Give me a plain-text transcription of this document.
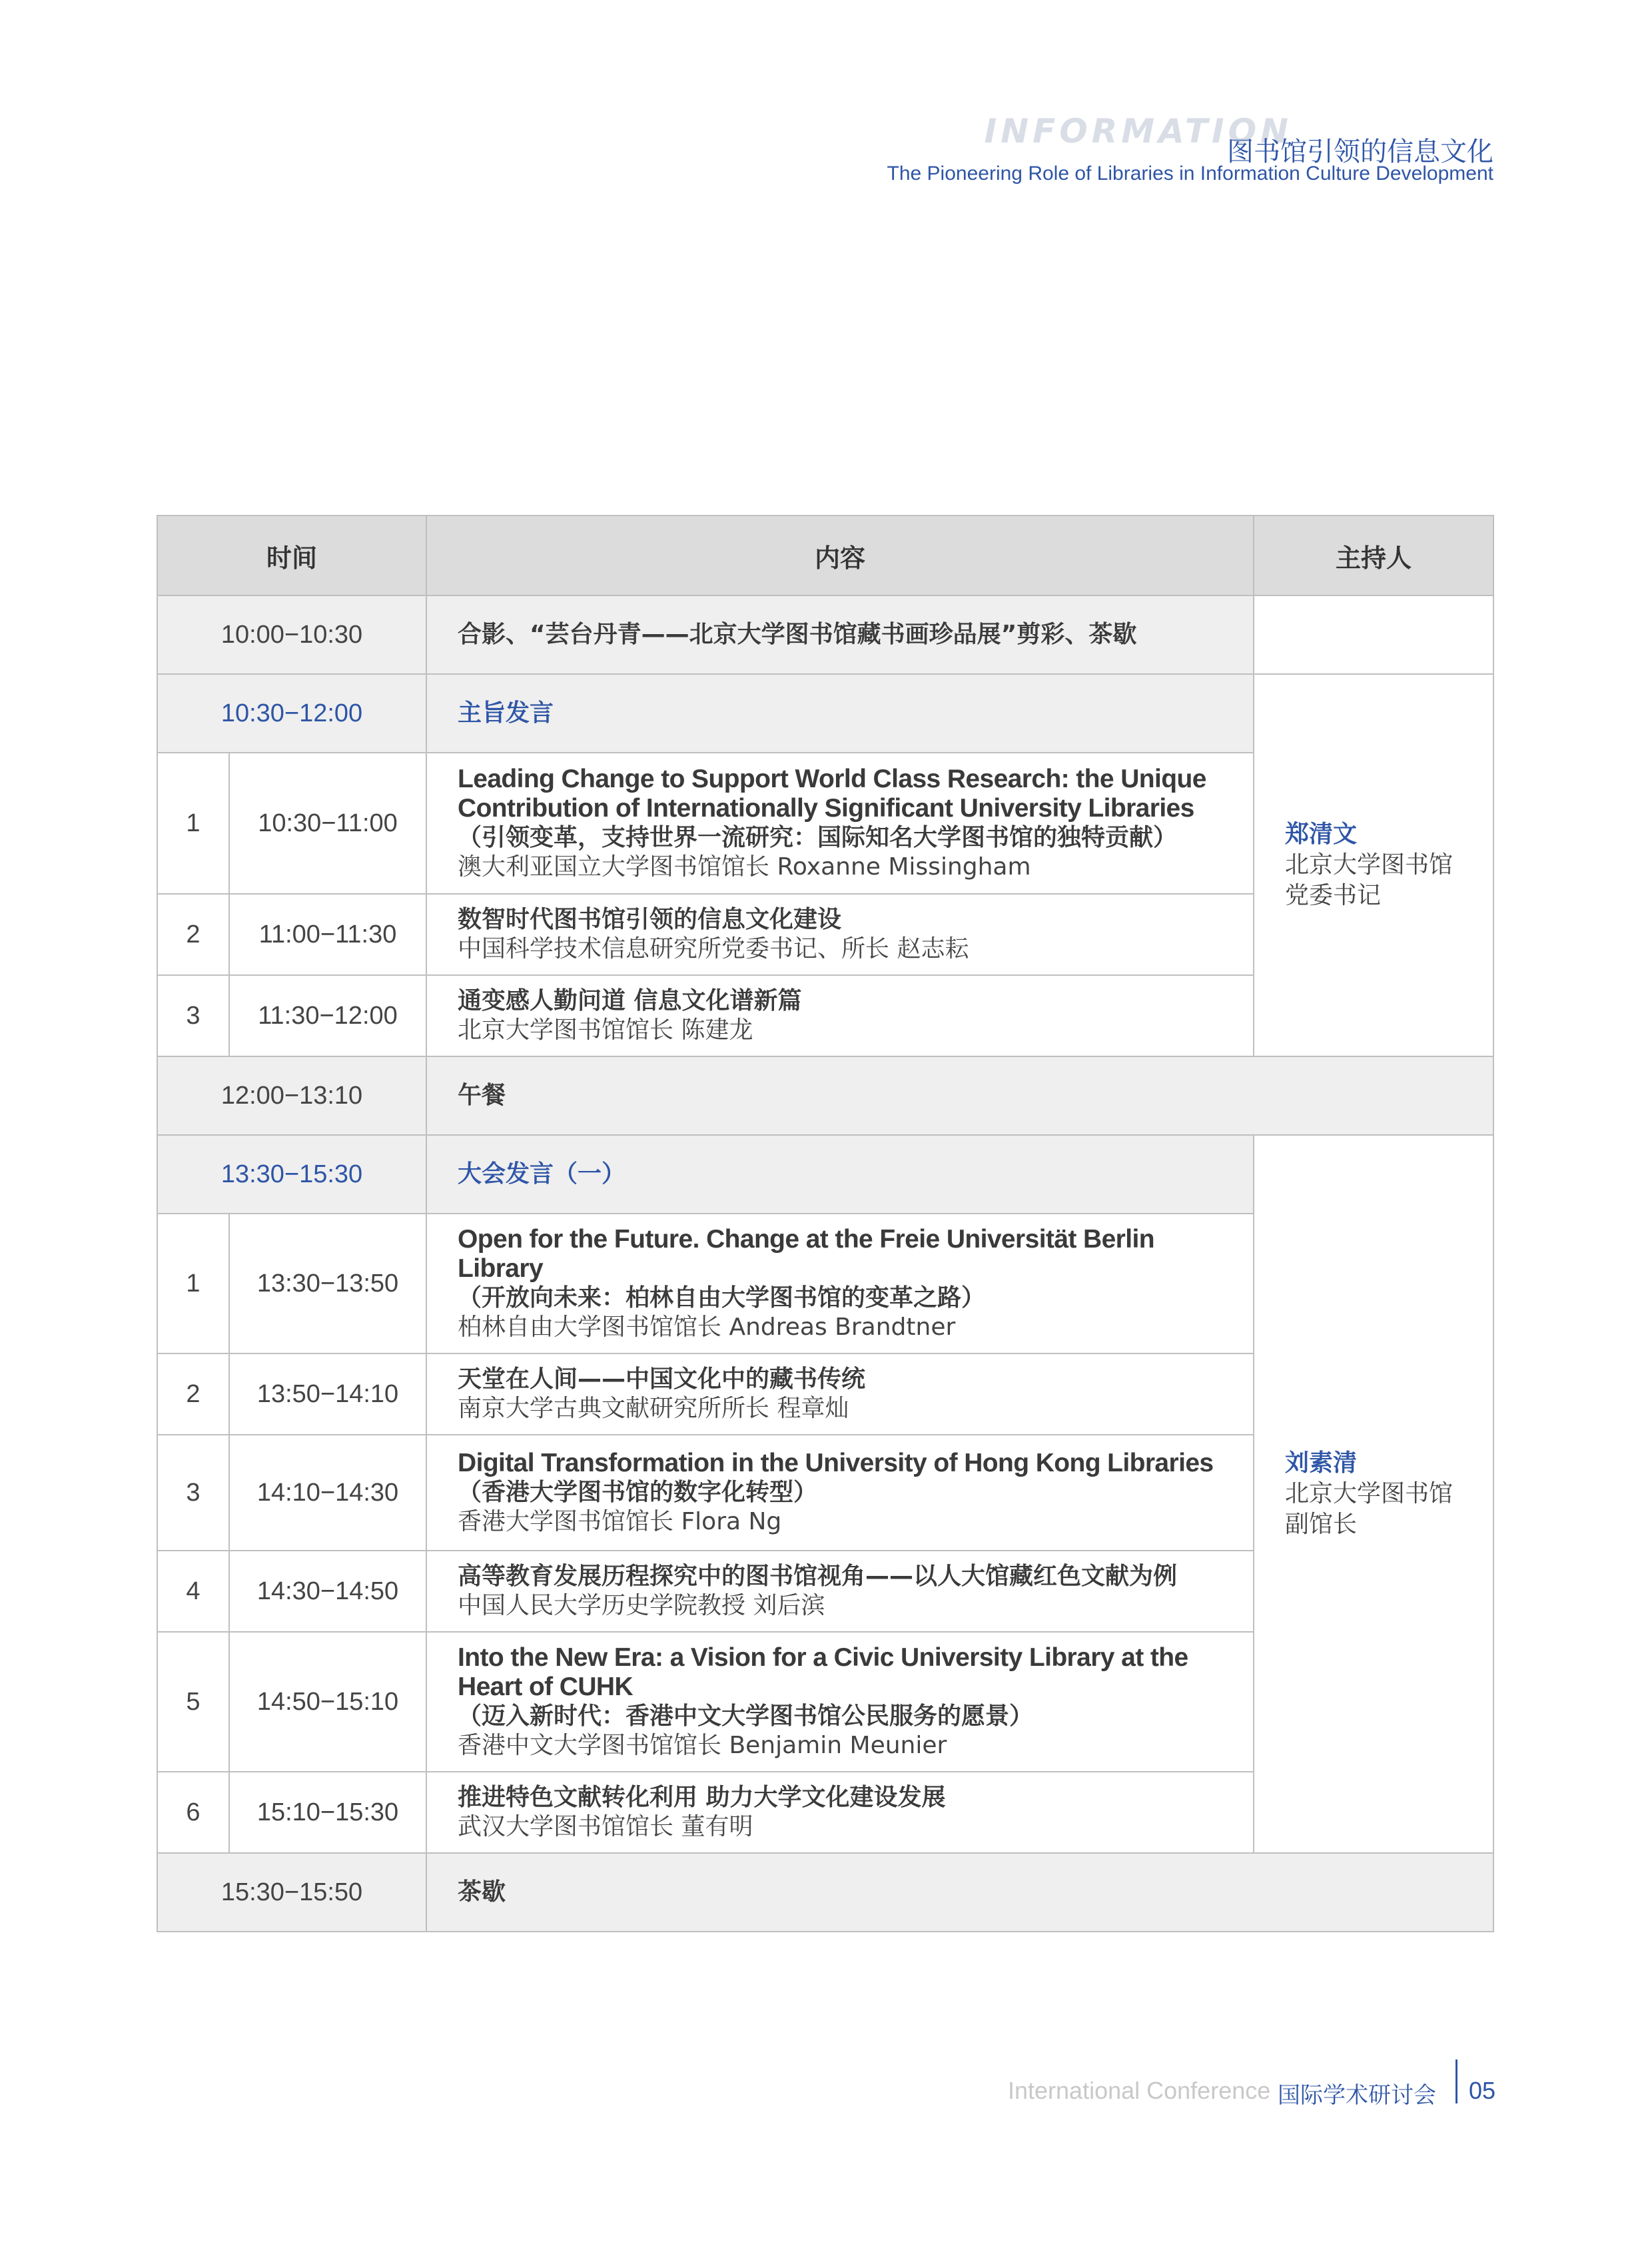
INFORMATION
图书馆引领的信息文化
The Pioneering Role of Libraries in Information Culture Development
时间		内容	主持人
10:00−10:30		合影、“芸台丹青——北京大学图书馆藏书画珍品展”剪彩、茶歇	

10:30−12:00		主旨发言	郑清文
北京大学图书馆
党委书记

1	10:30−11:00	Leading Change to Support World Class Research: the Unique Contribution of Internationally Significant University Libraries
（引领变革，支持世界一流研究：国际知名大学图书馆的独特贡献）
澳大利亚国立大学图书馆馆长 Roxanne Missingham	

2	11:00−11:30	数智时代图书馆引领的信息文化建设
中国科学技术信息研究所党委书记、所长 赵志耘	

3	11:30−12:00	通变感人勤问道 信息文化谱新篇
北京大学图书馆馆长 陈建龙	

12:00−13:10		午餐	

13:30−15:30		大会发言（一）	刘素清
北京大学图书馆
副馆长

1	13:30−13:50	Open for the Future. Change at the Freie Universität Berlin Library
（开放向未来：柏林自由大学图书馆的变革之路）
柏林自由大学图书馆馆长 Andreas Brandtner	

2	13:50−14:10	天堂在人间——中国文化中的藏书传统
南京大学古典文献研究所所长 程章灿	

3	14:10−14:30	Digital Transformation in the University of Hong Kong Libraries
（香港大学图书馆的数字化转型）
香港大学图书馆馆长 Flora Ng	

4	14:30−14:50	高等教育发展历程探究中的图书馆视角——以人大馆藏红色文献为例
中国人民大学历史学院教授 刘后滨	

5	14:50−15:10	Into the New Era: a Vision for a Civic University Library at the Heart of CUHK
（迈入新时代：香港中文大学图书馆公民服务的愿景）
香港中文大学图书馆馆长 Benjamin Meunier	

6	15:10−15:30	推进特色文献转化利用 助力大学文化建设发展
武汉大学图书馆馆长 董有明	

15:30−15:50		茶歇	
International Conference 国际学术研讨会 05
